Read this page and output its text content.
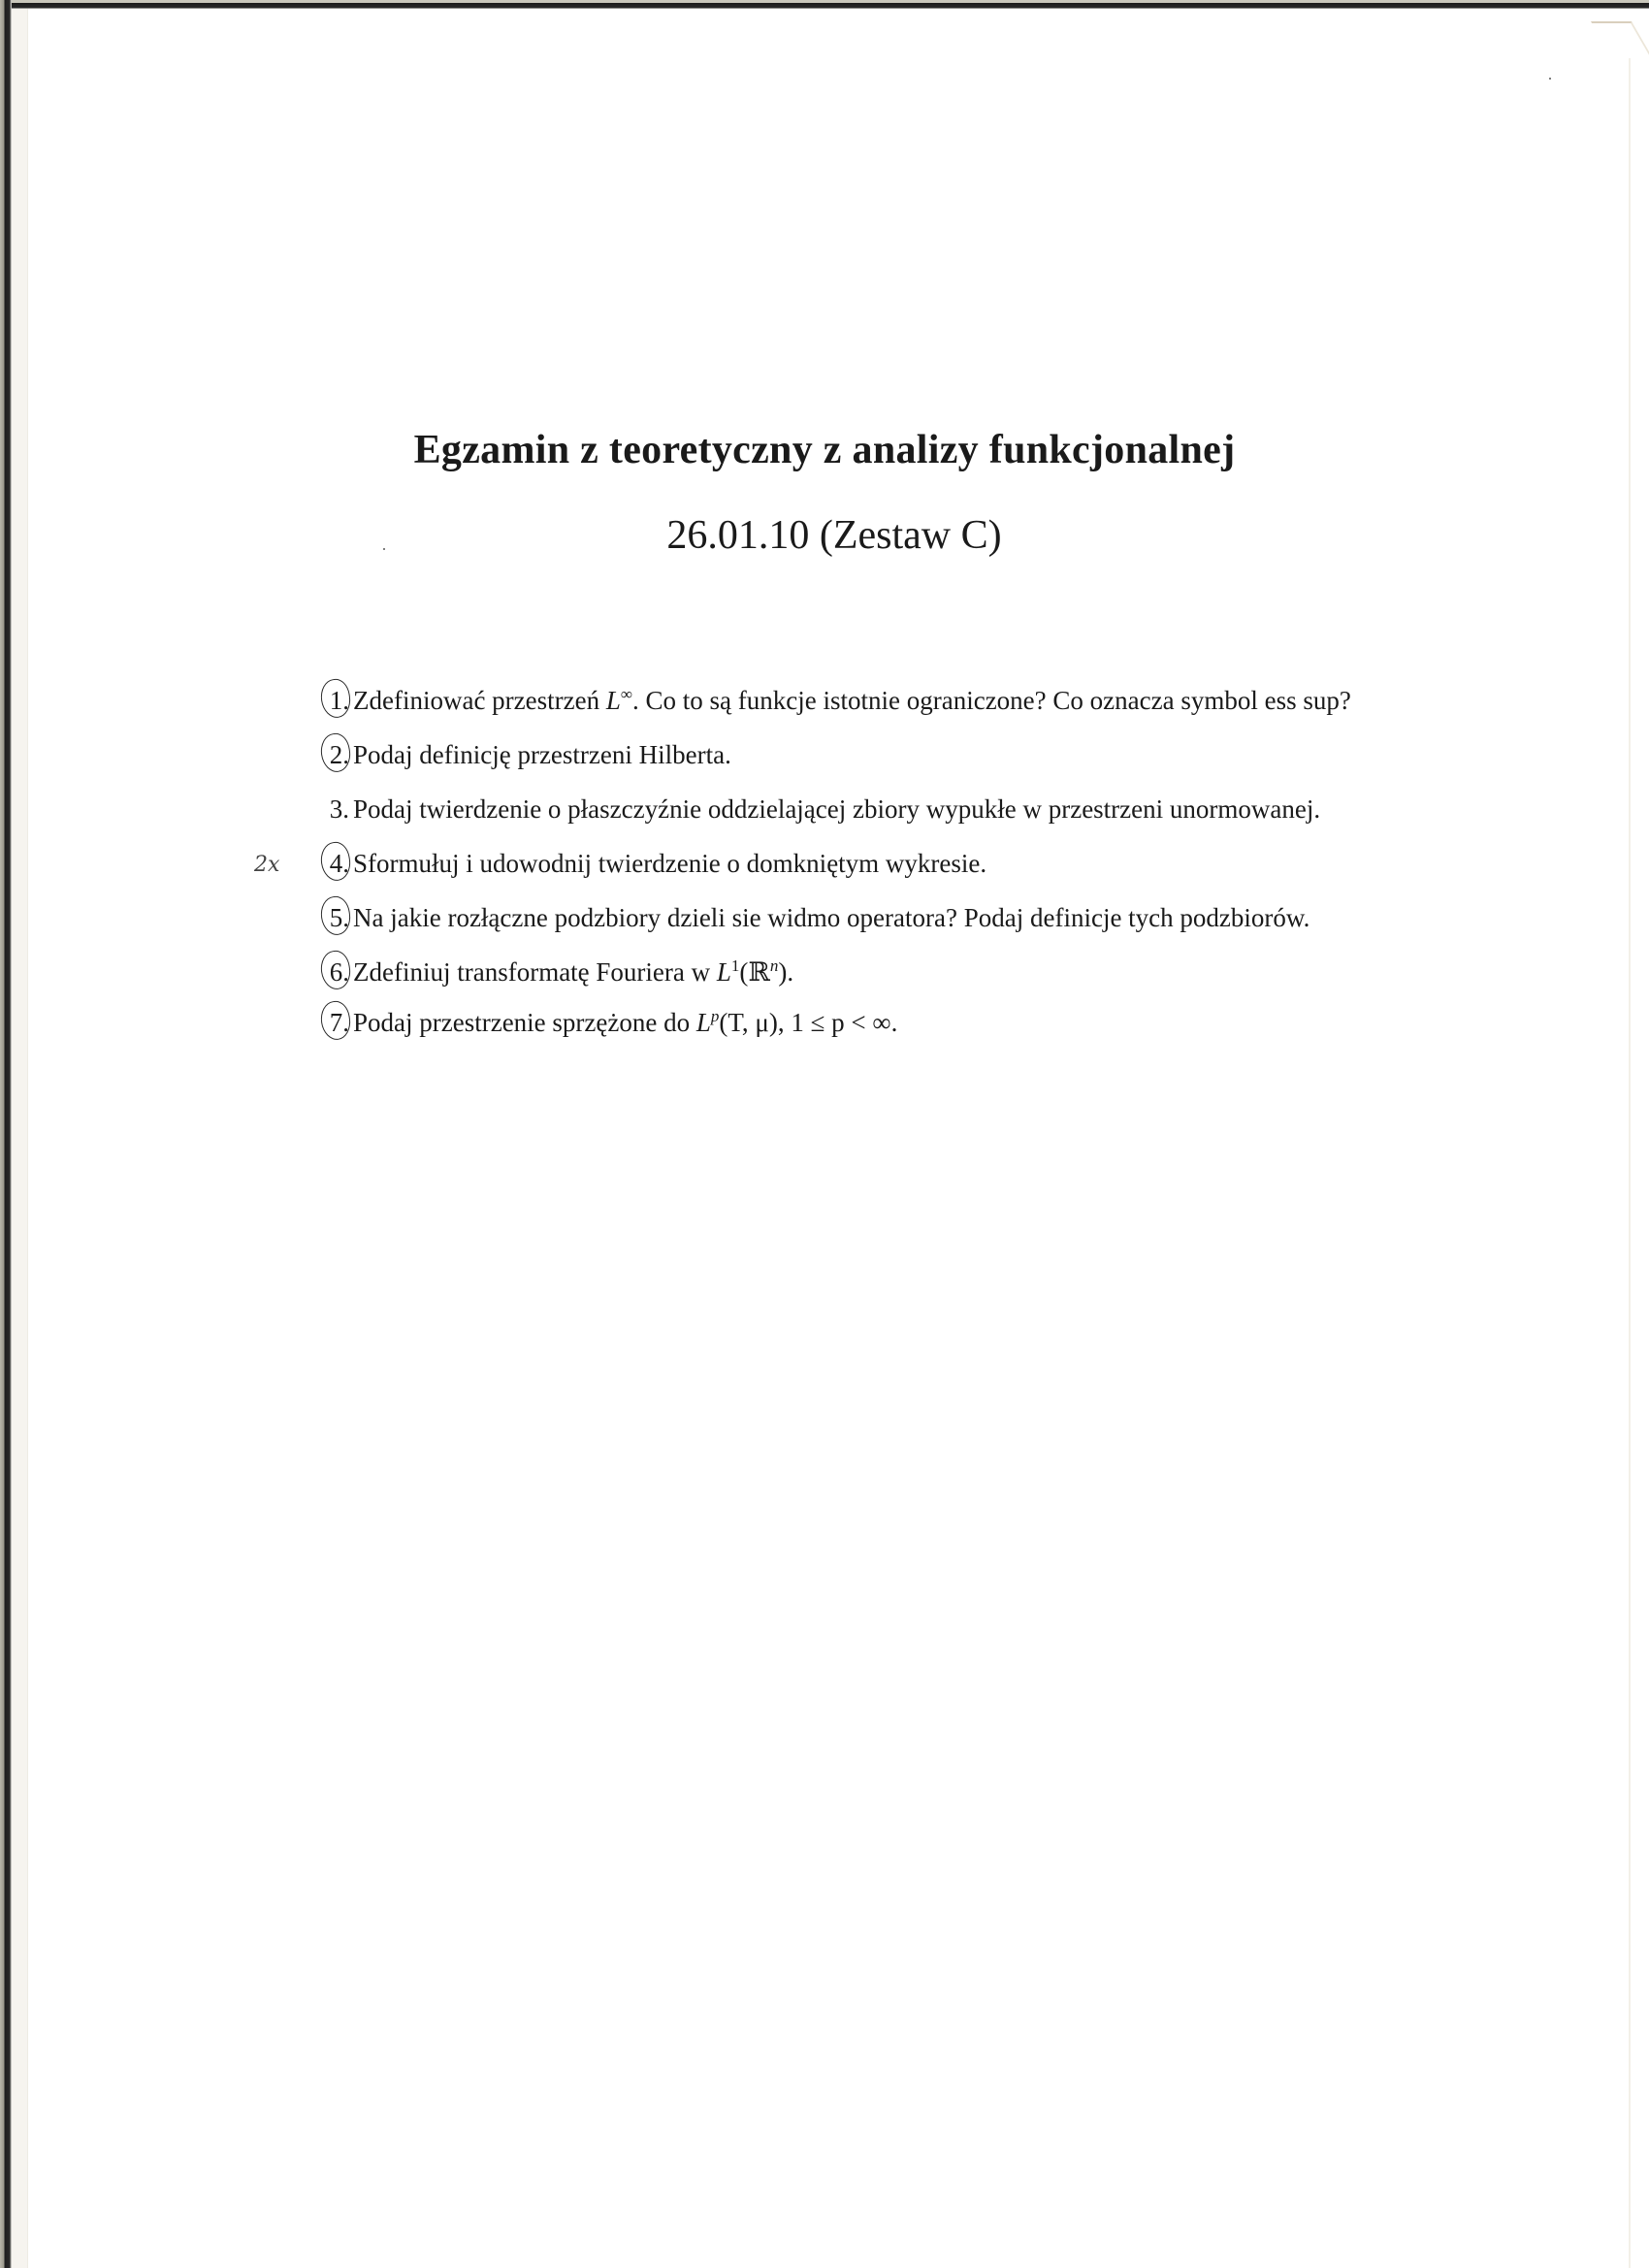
Egzamin z teoretyczny z analizy funkcjonalnej
26.01.10 (Zestaw C)
1. Zdefiniować przestrzeń L∞. Co to są funkcje istotnie ograniczone? Co oznacza symbol ess sup?
2. Podaj definicję przestrzeni Hilberta.
3. Podaj twierdzenie o płaszczyźnie oddzielającej zbiory wypukłe w przestrzeni unormowanej.
2x	4. Sformułuj i udowodnij twierdzenie o domkniętym wykresie.
5. Na jakie rozłączne podzbiory dzieli sie widmo operatora? Podaj definicje tych podzbiorów.
6. Zdefiniuj transformatę Fouriera w $L^1(ℝ^n)$.
7. Podaj przestrzenie sprzężone do $L^p(T$, μ), 1 ≤ p < ∞.
